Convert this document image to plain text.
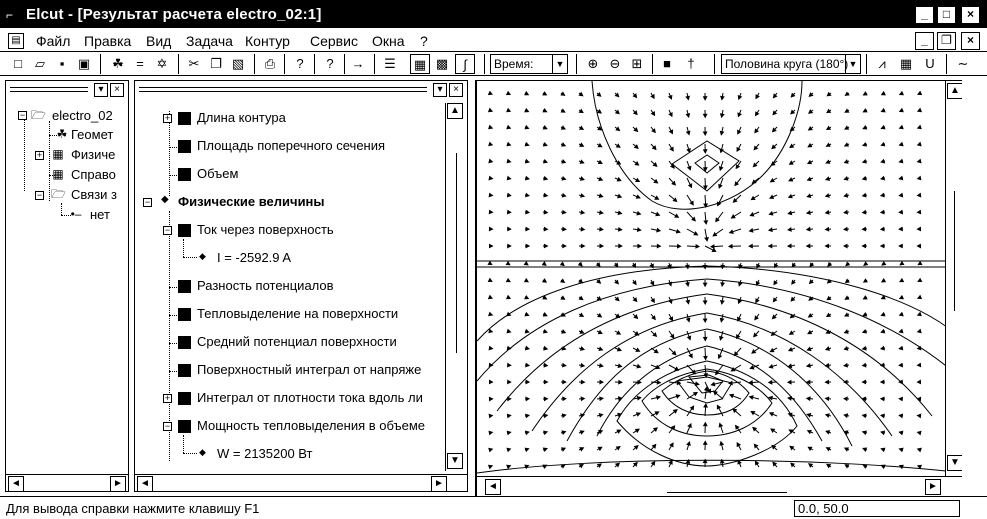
⌐ Elcut - [Результат расчета electro_02:1]	_	□	×
▤ Файл Правка Вид Задача Контур Сервис Окна ?	_	❐	×
□	▱	▪	▣	☘ = ✡	✂ ❐ ▧	⎙	?	?	→	☰	▦ ▩	∫	Время:	▼	⊕ ⊖ ⊞	■	†	Половина круга (180°) ▼	⩘	▦	U	∼
▾	×
− 🗁 electro_02
☘ Геомет
+ ▦ Физиче
▦ Справо
− 🗁 Связи з
•– нет
◄	►
▾	×
+ Длина контура
Площадь поперечного сечения
Объем
− ◆ Физические величины
− Ток через поверхность
◆ I = -2592.9 A
Разность потенциалов
Тепловыделение на поверхности
Средний потенциал поверхности
Поверхностный интеграл от напряже
+ Интеграл от плотности тока вдоль ли
− Мощность тепловыделения в объеме
◆ W = 2135200 Вт
▲
▼
◄	►
▲
▼
◄	►
Для вывода справки нажмите клавишу F1	0.0, 50.0
